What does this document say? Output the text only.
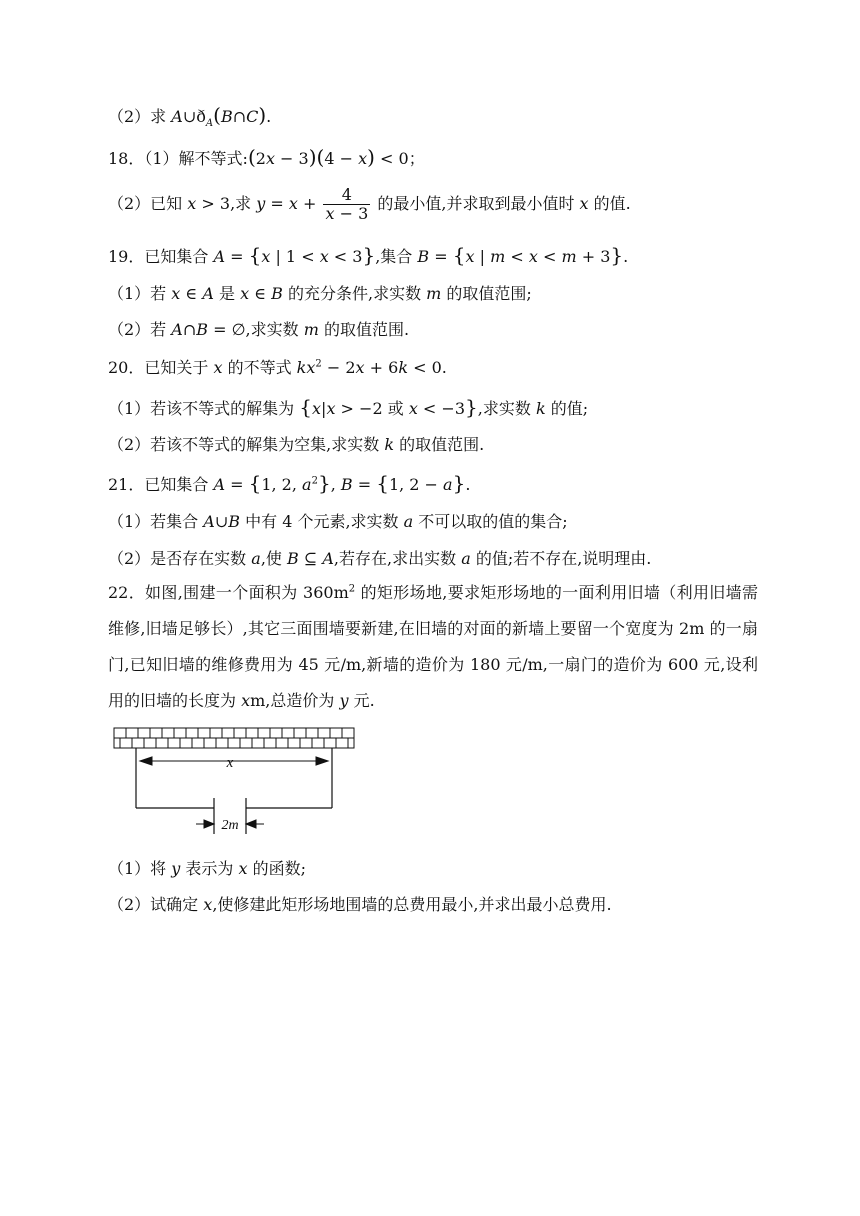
（2）求 $A\cup ð_A(B\cap C)$.
18．（1）解不等式:(2x − 3)(4 − x) < 0；
（2）已知 x > 3,求 $y = x + \frac{4}{x - 3}$ 的最小值,并求取到最小值时 x 的值.
19．已知集合 A = {x | 1 < x < 3},集合 B = {x | m < x < m + 3}.
（1）若 x ∈ A 是 x ∈ B 的充分条件,求实数 m 的取值范围;
（2）若 A∩B = ∅,求实数 m 的取值范围.
20．已知关于 x 的不等式 $kx^2 - 2x + 6k < 0$.
（1）若该不等式的解集为 {x|x > −2 或 x < −3},求实数 k 的值;
（2）若该不等式的解集为空集,求实数 k 的取值范围.
21．已知集合 A = {1, 2, $a^2$}, B = {1, 2 − a}.
（1）若集合 A∪B 中有 4 个元素,求实数 a 不可以取的值的集合;
（2）是否存在实数 a,使 B ⊆ A,若存在,求出实数 a 的值;若不存在,说明理由.
22．如图,围建一个面积为 $360m^2$ 的矩形场地,要求矩形场地的一面利用旧墙（利用旧墙需维修,旧墙足够长）,其它三面围墙要新建,在旧墙的对面的新墙上要留一个宽度为 2m 的一扇门,已知旧墙的维修费用为 45 元/m,新墙的造价为 180 元/m,一扇门的造价为 600 元,设利用的旧墙的长度为 xm,总造价为 y 元.
x
2m
（1）将 y 表示为 x 的函数;
（2）试确定 x,使修建此矩形场地围墙的总费用最小,并求出最小总费用.
